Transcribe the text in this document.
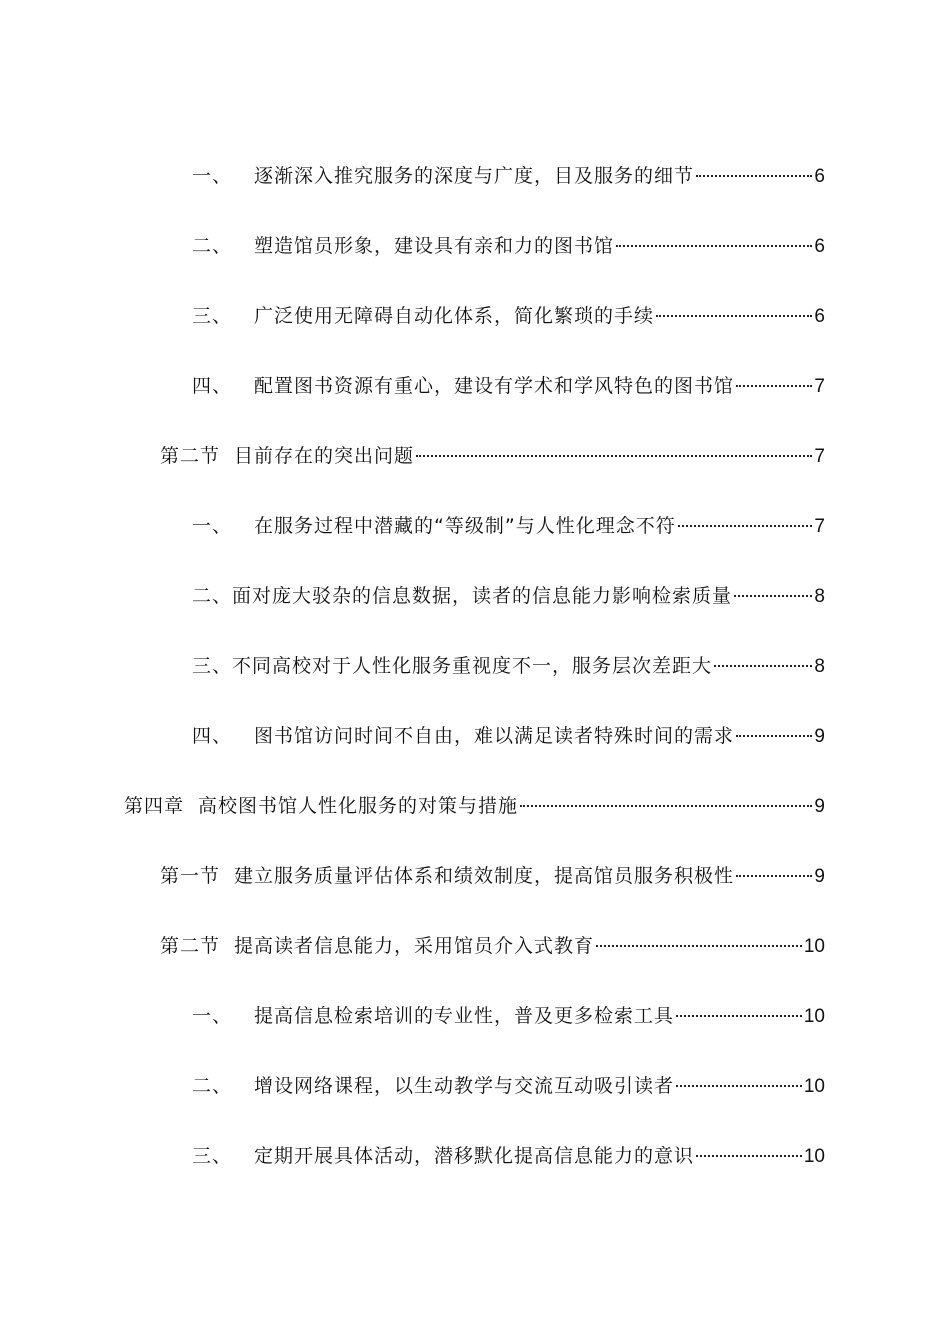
一、 逐渐深入推究服务的深度与广度，目及服务的细节	6
二、 塑造馆员形象，建设具有亲和力的图书馆	6
三、 广泛使用无障碍自动化体系，简化繁琐的手续	6
四、 配置图书资源有重心，建设有学术和学风特色的图书馆	7
第二节 目前存在的突出问题	7
一、 在服务过程中潜藏的“等级制”与人性化理念不符	7
二、 面对庞大驳杂的信息数据，读者的信息能力影响检索质量	8
三、 不同高校对于人性化服务重视度不一，服务层次差距大	8
四、 图书馆访问时间不自由，难以满足读者特殊时间的需求	9
第四章 高校图书馆人性化服务的对策与措施	9
第一节 建立服务质量评估体系和绩效制度，提高馆员服务积极性	9
第二节 提高读者信息能力，采用馆员介入式教育	10
一、 提高信息检索培训的专业性，普及更多检索工具	10
二、 增设网络课程，以生动教学与交流互动吸引读者	10
三、 定期开展具体活动，潜移默化提高信息能力的意识	10
